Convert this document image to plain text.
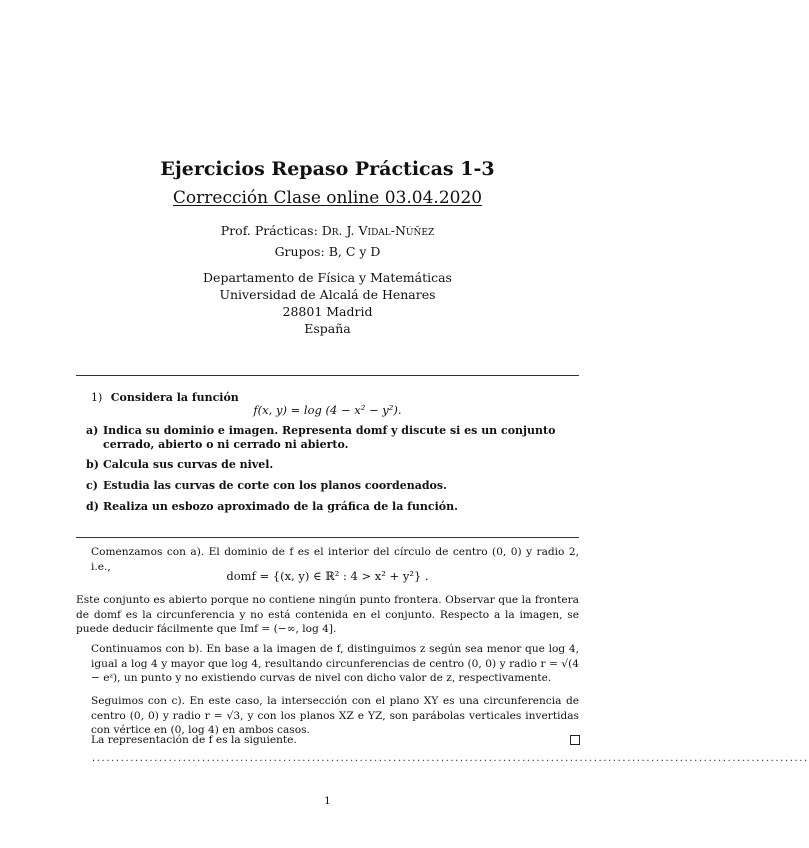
Ejercicios Repaso Prácticas 1-3
Corrección Clase online 03.04.2020
Prof. Prácticas: Dr. J. Vidal-Núñez
Grupos: B, C y D
Departamento de Física y Matemáticas
Universidad de Alcalá de Henares
28801 Madrid
España
1) Considera la función
f(x, y) = log (4 − x² − y²).
a) Indica su dominio e imagen. Representa domf y discute si es un conjunto cerrado, abierto o ni cerrado ni abierto.
b) Calcula sus curvas de nivel.
c) Estudia las curvas de corte con los planos coordenados.
d) Realiza un esbozo aproximado de la gráfica de la función.
Comenzamos con a). El dominio de f es el interior del círculo de centro (0, 0) y radio 2, i.e.,
domf = {(x, y) ∈ ℝ² : 4 > x² + y²} .
Este conjunto es abierto porque no contiene ningún punto frontera. Observar que la frontera de domf es la circunferencia y no está contenida en el conjunto. Respecto a la imagen, se puede deducir fácilmente que Imf = (−∞, log 4].
Continuamos con b). En base a la imagen de f, distinguimos z según sea menor que log 4, igual a log 4 y mayor que log 4, resultando circunferencias de centro (0, 0) y radio r = √(4 − eᶻ), un punto y no existiendo curvas de nivel con dicho valor de z, respectivamente.
Seguimos con c). En este caso, la intersección con el plano XY es una circunferencia de centro (0, 0) y radio r = √3, y con los planos XZ e YZ, son parábolas verticales invertidas con vértice en (0, log 4) en ambos casos.
La representación de f es la siguiente.
......................................................................................................................................................
1
